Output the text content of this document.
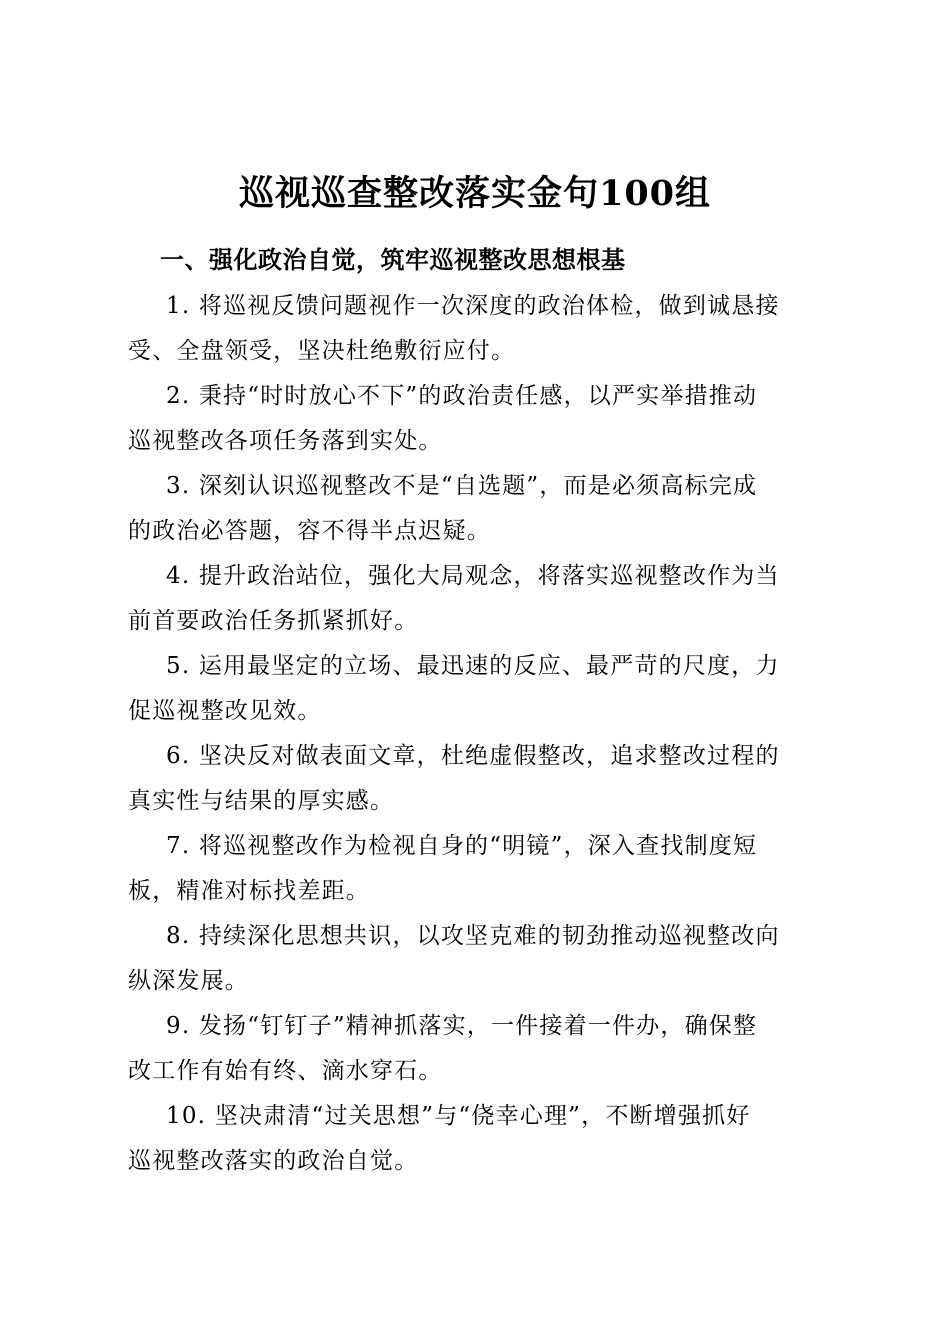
巡视巡查整改落实金句100组
一、强化政治自觉，筑牢巡视整改思想根基
1. 将巡视反馈问题视作一次深度的政治体检，做到诚恳接
受、全盘领受，坚决杜绝敷衍应付。
2. 秉持“时时放心不下”的政治责任感，以严实举措推动
巡视整改各项任务落到实处。
3. 深刻认识巡视整改不是“自选题”，而是必须高标完成
的政治必答题，容不得半点迟疑。
4. 提升政治站位，强化大局观念，将落实巡视整改作为当
前首要政治任务抓紧抓好。
5. 运用最坚定的立场、最迅速的反应、最严苛的尺度，力
促巡视整改见效。
6. 坚决反对做表面文章，杜绝虚假整改，追求整改过程的
真实性与结果的厚实感。
7. 将巡视整改作为检视自身的“明镜”，深入查找制度短
板，精准对标找差距。
8. 持续深化思想共识，以攻坚克难的韧劲推动巡视整改向
纵深发展。
9. 发扬“钉钉子”精神抓落实，一件接着一件办，确保整
改工作有始有终、滴水穿石。
10. 坚决肃清“过关思想”与“侥幸心理”，不断增强抓好
巡视整改落实的政治自觉。
